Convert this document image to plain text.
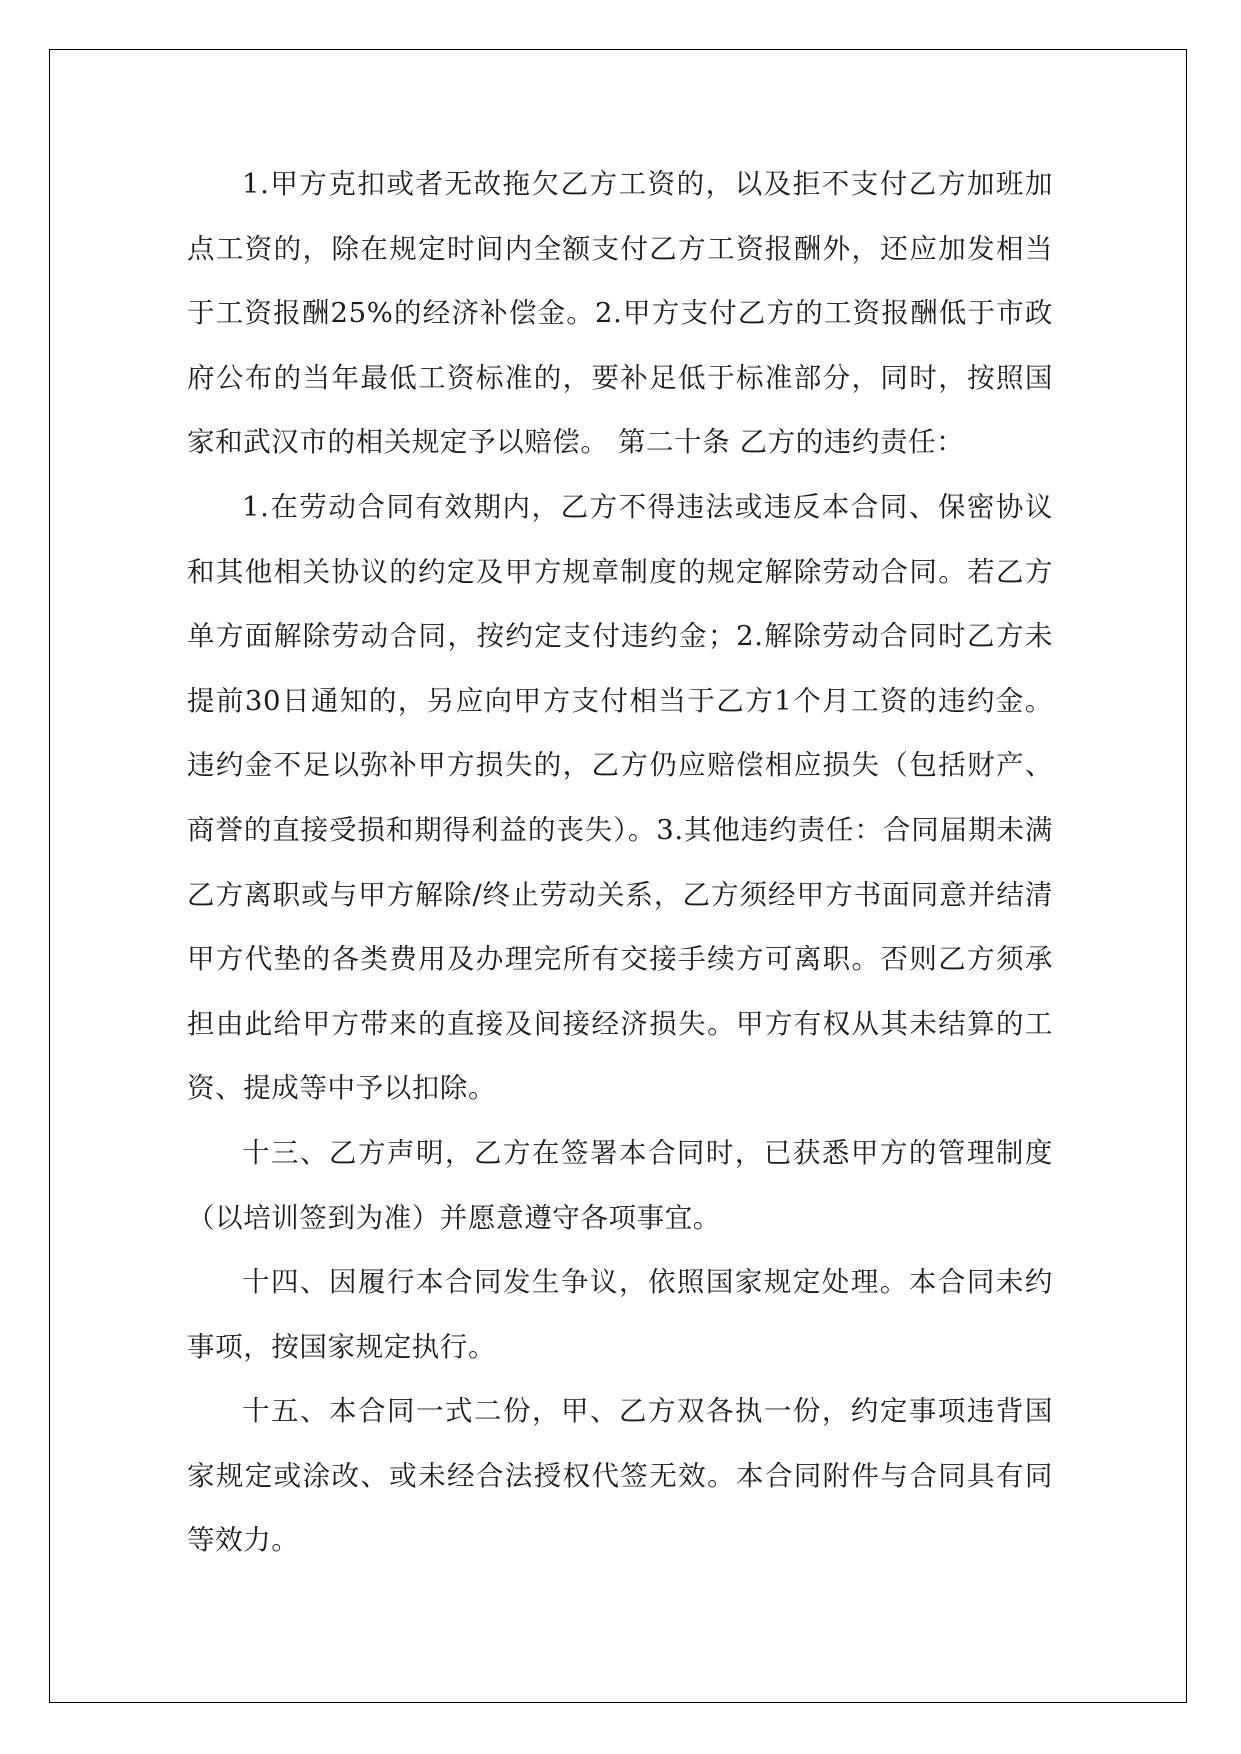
1.甲方克扣或者无故拖欠乙方工资的，以及拒不支付乙方加班加点工资的，除在规定时间内全额支付乙方工资报酬外，还应加发相当于工资报酬25%的经济补偿金。2.甲方支付乙方的工资报酬低于市政府公布的当年最低工资标准的，要补足低于标准部分，同时，按照国家和武汉市的相关规定予以赔偿。 第二十条 乙方的违约责任：

1.在劳动合同有效期内，乙方不得违法或违反本合同、保密协议和其他相关协议的约定及甲方规章制度的规定解除劳动合同。若乙方单方面解除劳动合同，按约定支付违约金；2.解除劳动合同时乙方未提前30日通知的，另应向甲方支付相当于乙方1个月工资的违约金。违约金不足以弥补甲方损失的，乙方仍应赔偿相应损失（包括财产、商誉的直接受损和期得利益的丧失）。3.其他违约责任：合同届期未满乙方离职或与甲方解除/终止劳动关系，乙方须经甲方书面同意并结清甲方代垫的各类费用及办理完所有交接手续方可离职。否则乙方须承担由此给甲方带来的直接及间接经济损失。甲方有权从其未结算的工资、提成等中予以扣除。

十三、乙方声明，乙方在签署本合同时，已获悉甲方的管理制度（以培训签到为准）并愿意遵守各项事宜。

十四、因履行本合同发生争议，依照国家规定处理。本合同未约事项，按国家规定执行。

十五、本合同一式二份，甲、乙方双各执一份，约定事项违背国家规定或涂改、或未经合法授权代签无效。本合同附件与合同具有同等效力。
